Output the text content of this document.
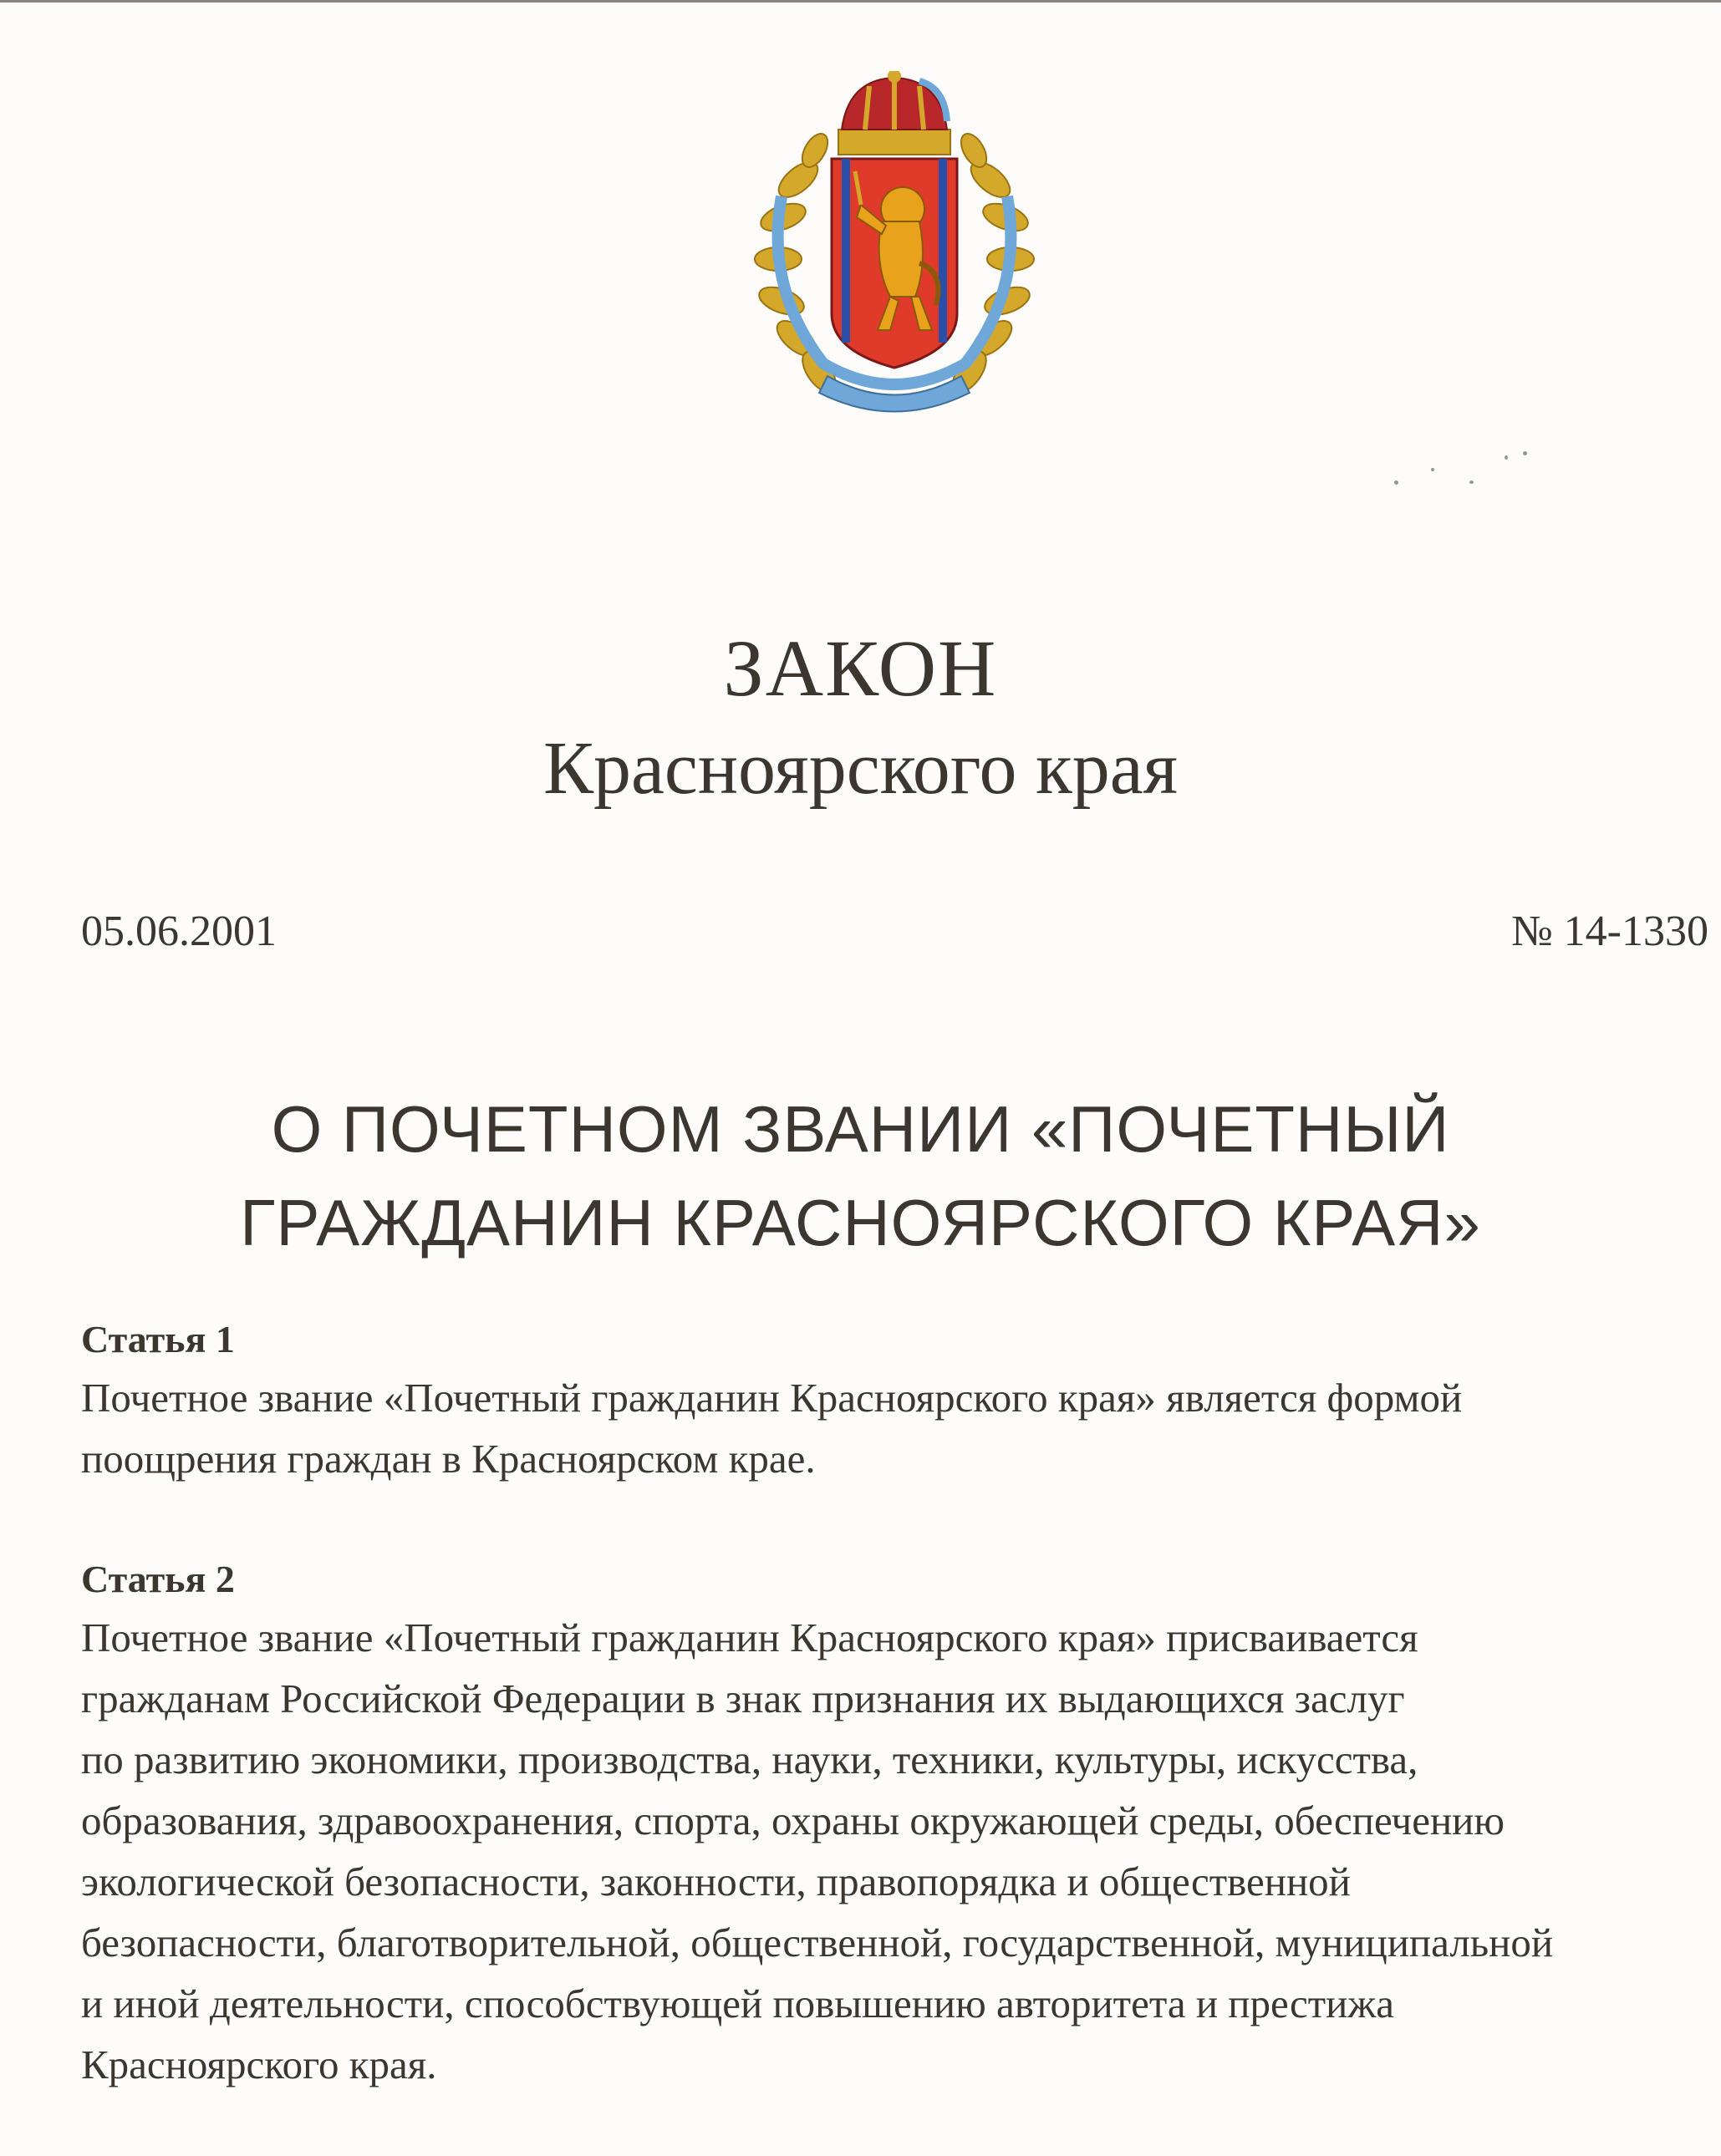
ЗАКОН
Красноярского края
05.06.2001	№ 14-1330
О ПОЧЕТНОМ ЗВАНИИ «ПОЧЕТНЫЙ
ГРАЖДАНИН КРАСНОЯРСКОГО КРАЯ»
Статья 1
Почетное звание «Почетный гражданин Красноярского края» является формой
поощрения граждан в Красноярском крае.
Статья 2
Почетное звание «Почетный гражданин Красноярского края» присваивается
гражданам Российской Федерации в знак признания их выдающихся заслуг
по развитию экономики, производства, науки, техники, культуры, искусства,
образования, здравоохранения, спорта, охраны окружающей среды, обеспечению
экологической безопасности, законности, правопорядка и общественной
безопасности, благотворительной, общественной, государственной, муниципальной
и иной деятельности, способствующей повышению авторитета и престижа
Красноярского края.
